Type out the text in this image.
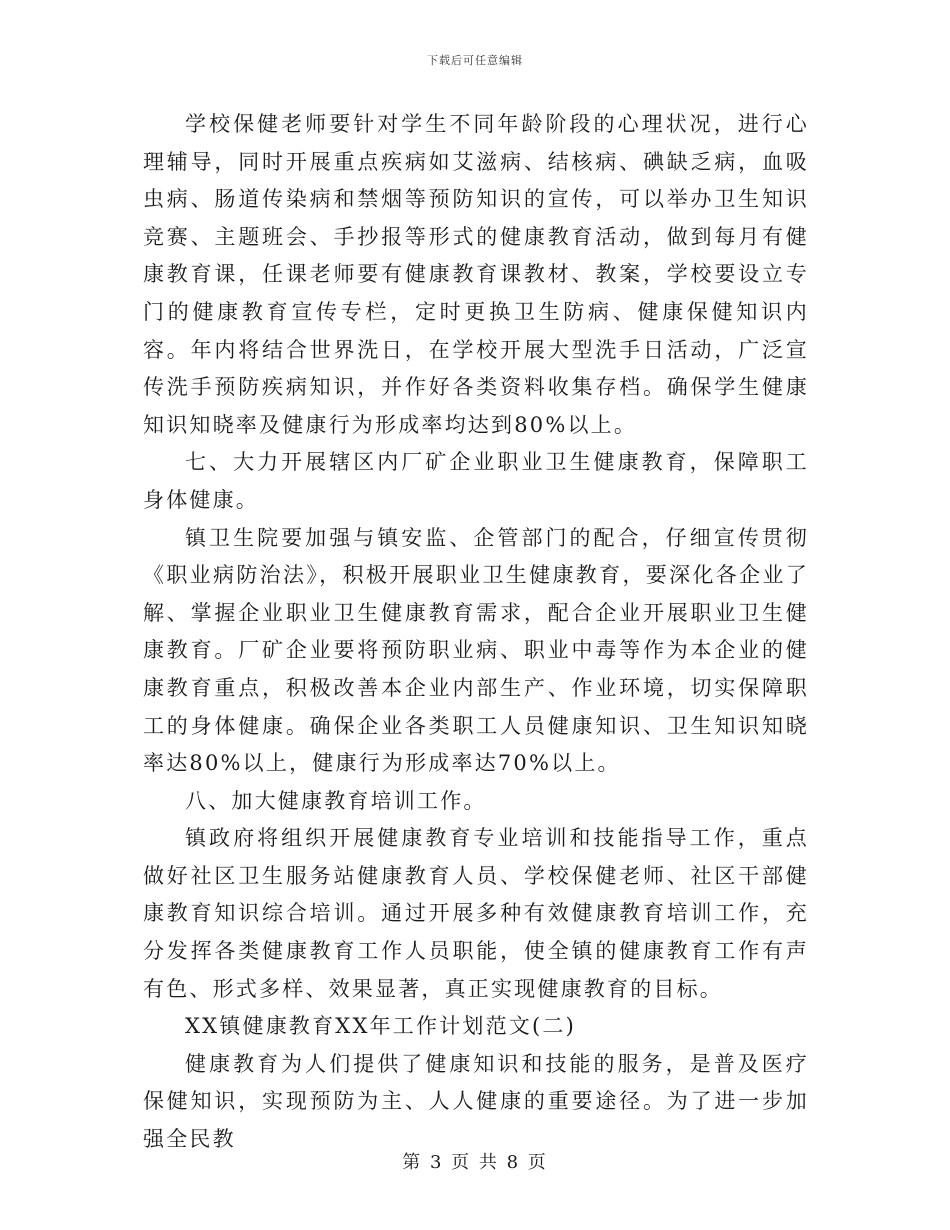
下载后可任意编辑

学校保健老师要针对学生不同年龄阶段的心理状况，进行心理辅导，同时开展重点疾病如艾滋病、结核病、碘缺乏病，血吸虫病、肠道传染病和禁烟等预防知识的宣传，可以举办卫生知识竞赛、主题班会、手抄报等形式的健康教育活动，做到每月有健康教育课，任课老师要有健康教育课教材、教案，学校要设立专门的健康教育宣传专栏，定时更换卫生防病、健康保健知识内容。年内将结合世界洗日，在学校开展大型洗手日活动，广泛宣传洗手预防疾病知识，并作好各类资料收集存档。确保学生健康知识知晓率及健康行为形成率均达到80%以上。

七、大力开展辖区内厂矿企业职业卫生健康教育，保障职工身体健康。

镇卫生院要加强与镇安监、企管部门的配合，仔细宣传贯彻《职业病防治法》，积极开展职业卫生健康教育，要深化各企业了解、掌握企业职业卫生健康教育需求，配合企业开展职业卫生健康教育。厂矿企业要将预防职业病、职业中毒等作为本企业的健康教育重点，积极改善本企业内部生产、作业环境，切实保障职工的身体健康。确保企业各类职工人员健康知识、卫生知识知晓率达80%以上，健康行为形成率达70%以上。

八、加大健康教育培训工作。

镇政府将组织开展健康教育专业培训和技能指导工作，重点做好社区卫生服务站健康教育人员、学校保健老师、社区干部健康教育知识综合培训。通过开展多种有效健康教育培训工作，充分发挥各类健康教育工作人员职能，使全镇的健康教育工作有声有色、形式多样、效果显著，真正实现健康教育的目标。

XX镇健康教育XX年工作计划范文(二)

健康教育为人们提供了健康知识和技能的服务，是普及医疗保健知识，实现预防为主、人人健康的重要途径。为了进一步加强全民教

第 3 页 共 8 页
